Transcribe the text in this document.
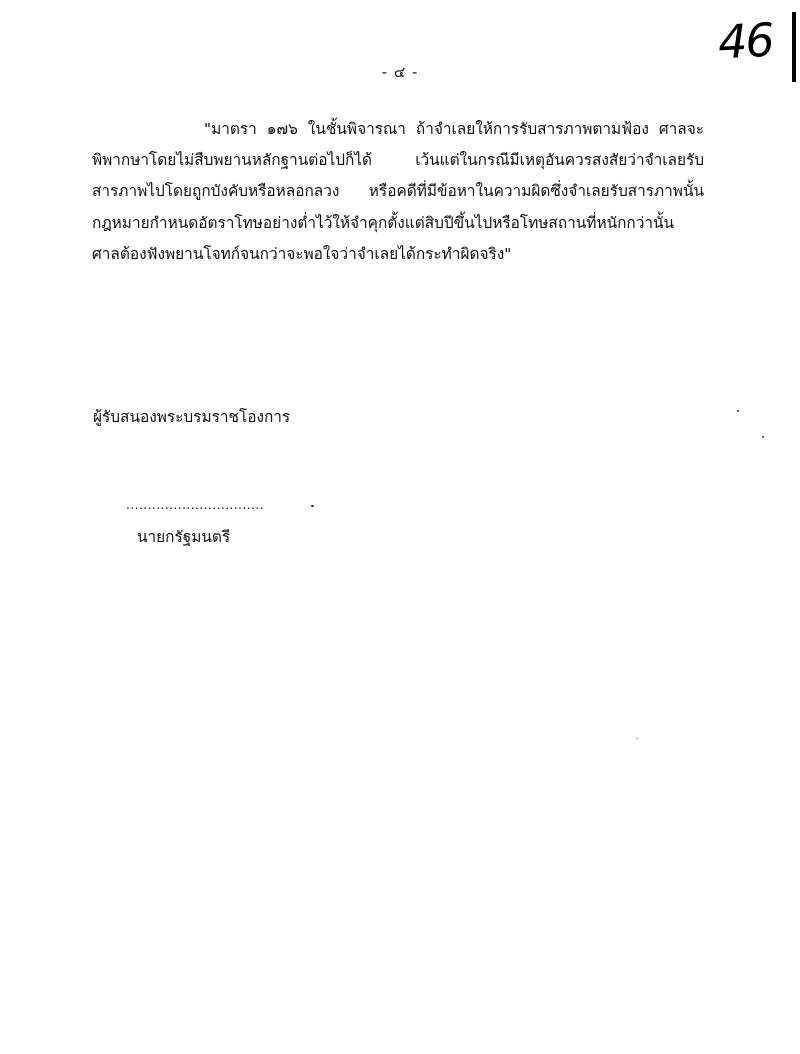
46
- ๔ -
"มาตรา ๑๗๖ ในชั้นพิจารณา ถ้าจำเลยให้การรับสารภาพตามฟ้อง ศาลจะ
พิพากษาโดยไม่สืบพยานหลักฐานต่อไปก็ได้ เว้นแต่ในกรณีมีเหตุอันควรสงสัยว่าจำเลยรับ
สารภาพไปโดยถูกบังคับหรือหลอกลวง หรือคดีที่มีข้อหาในความผิดซึ่งจำเลยรับสารภาพนั้น
กฎหมายกำหนดอัตราโทษอย่างต่ำไว้ให้จำคุกตั้งแต่สิบปีขึ้นไปหรือโทษสถานที่หนักกว่านั้น
ศาลต้องฟังพยานโจทก์จนกว่าจะพอใจว่าจำเลยได้กระทำผิดจริง"
ผู้รับสนองพระบรมราชโองการ
................................
นายกรัฐมนตรี
